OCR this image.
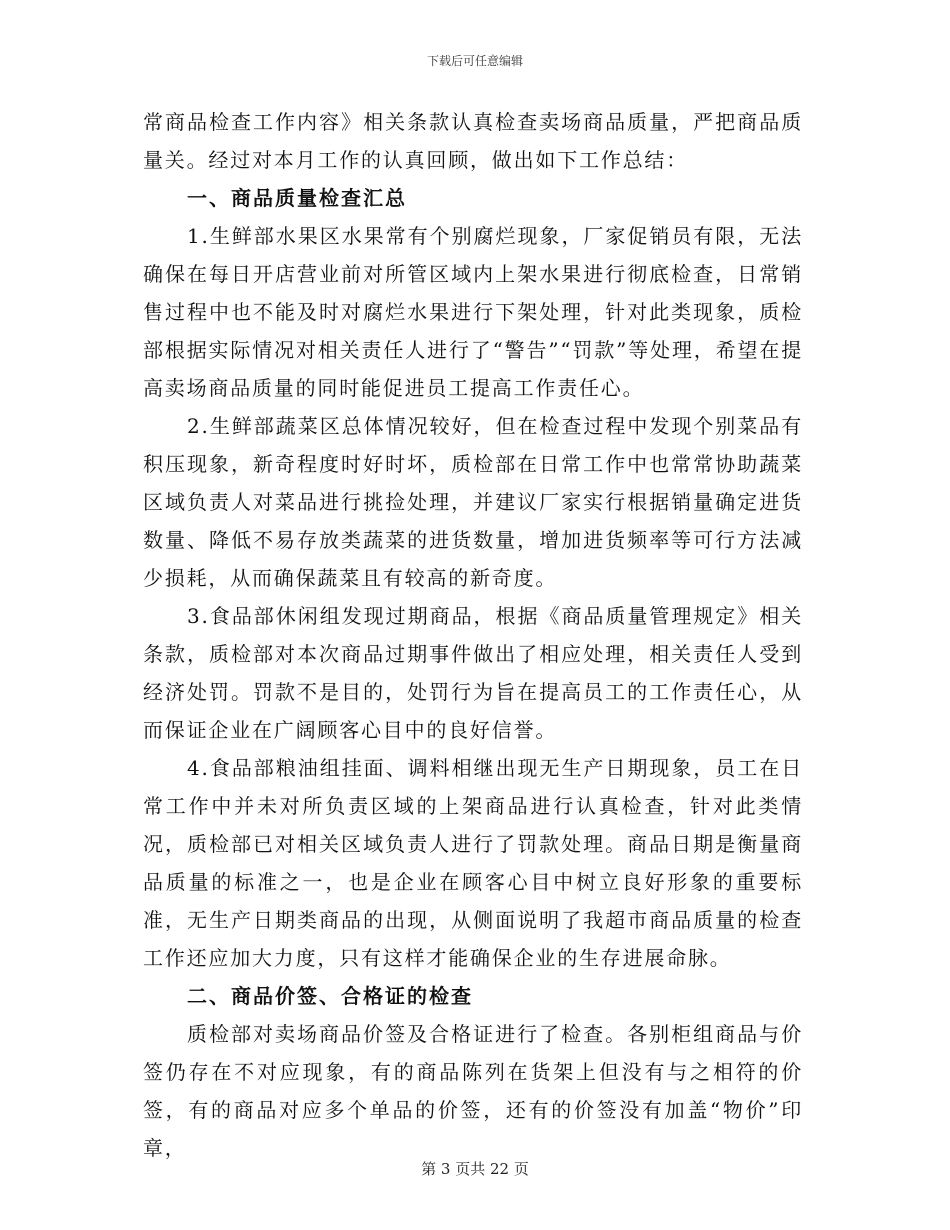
下载后可任意编辑

常商品检查工作内容》相关条款认真检查卖场商品质量，严把商品质量关。经过对本月工作的认真回顾，做出如下工作总结：

一、商品质量检查汇总

1.生鲜部水果区水果常有个别腐烂现象，厂家促销员有限，无法确保在每日开店营业前对所管区域内上架水果进行彻底检查，日常销售过程中也不能及时对腐烂水果进行下架处理，针对此类现象，质检部根据实际情况对相关责任人进行了“警告”“罚款”等处理，希望在提高卖场商品质量的同时能促进员工提高工作责任心。

2.生鲜部蔬菜区总体情况较好，但在检查过程中发现个别菜品有积压现象，新奇程度时好时坏，质检部在日常工作中也常常协助蔬菜区域负责人对菜品进行挑捡处理，并建议厂家实行根据销量确定进货数量、降低不易存放类蔬菜的进货数量，增加进货频率等可行方法减少损耗，从而确保蔬菜且有较高的新奇度。

3.食品部休闲组发现过期商品，根据《商品质量管理规定》相关条款，质检部对本次商品过期事件做出了相应处理，相关责任人受到经济处罚。罚款不是目的，处罚行为旨在提高员工的工作责任心，从而保证企业在广阔顾客心目中的良好信誉。

4.食品部粮油组挂面、调料相继出现无生产日期现象，员工在日常工作中并未对所负责区域的上架商品进行认真检查，针对此类情况，质检部已对相关区域负责人进行了罚款处理。商品日期是衡量商品质量的标准之一，也是企业在顾客心目中树立良好形象的重要标准，无生产日期类商品的出现，从侧面说明了我超市商品质量的检查工作还应加大力度，只有这样才能确保企业的生存进展命脉。

二、商品价签、合格证的检查

质检部对卖场商品价签及合格证进行了检查。各别柜组商品与价签仍存在不对应现象，有的商品陈列在货架上但没有与之相符的价签，有的商品对应多个单品的价签，还有的价签没有加盖“物价”印章，

第 3 页共 22 页
